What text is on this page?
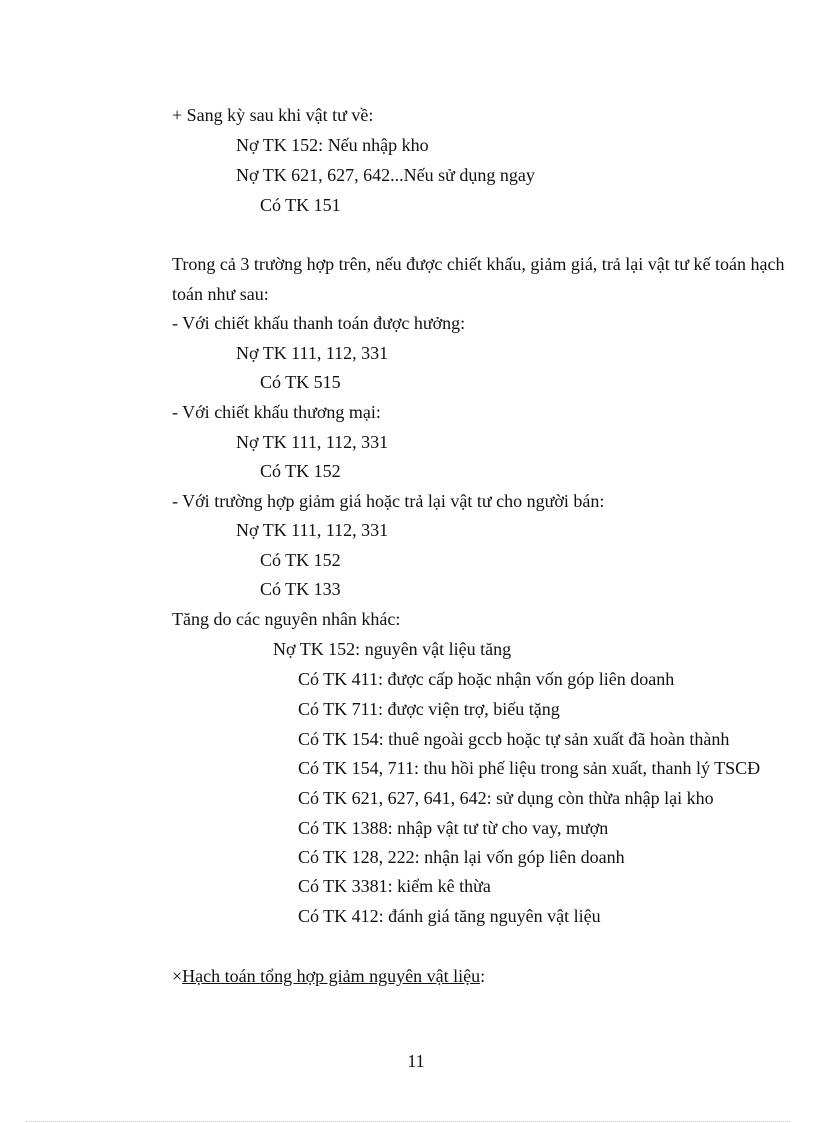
+ Sang kỳ sau khi vật tư về:
Nợ TK 152: Nếu nhập kho
Nợ TK 621, 627, 642...Nếu sử dụng ngay
Có TK 151
Trong cả 3 trường hợp trên, nếu được chiết khấu, giảm giá, trả lại vật tư kế toán hạch
toán như sau:
- Với chiết khấu thanh toán được hưởng:
Nợ TK 111, 112, 331
Có TK 515
- Với chiết khấu thương mại:
Nợ TK 111, 112, 331
Có TK 152
- Với trường hợp giảm giá hoặc trả lại vật tư cho người bán:
Nợ TK 111, 112, 331
Có TK 152
Có TK 133
Tăng do các nguyên nhân khác:
Nợ TK 152: nguyên vật liệu tăng
Có TK 411: được cấp hoặc nhận vốn góp liên doanh
Có TK 711: được viện trợ, biếu tặng
Có TK 154: thuê ngoài gccb hoặc tự sản xuất đã hoàn thành
Có TK 154, 711: thu hồi phế liệu trong sản xuất, thanh lý TSCĐ
Có TK 621, 627, 641, 642: sử dụng còn thừa nhập lại kho
Có TK 1388: nhập vật tư từ cho vay, mượn
Có TK 128, 222: nhận lại vốn góp liên doanh
Có TK 3381: kiểm kê thừa
Có TK 412: đánh giá tăng nguyên vật liệu
×Hạch toán tổng hợp giảm nguyên vật liệu:
11
